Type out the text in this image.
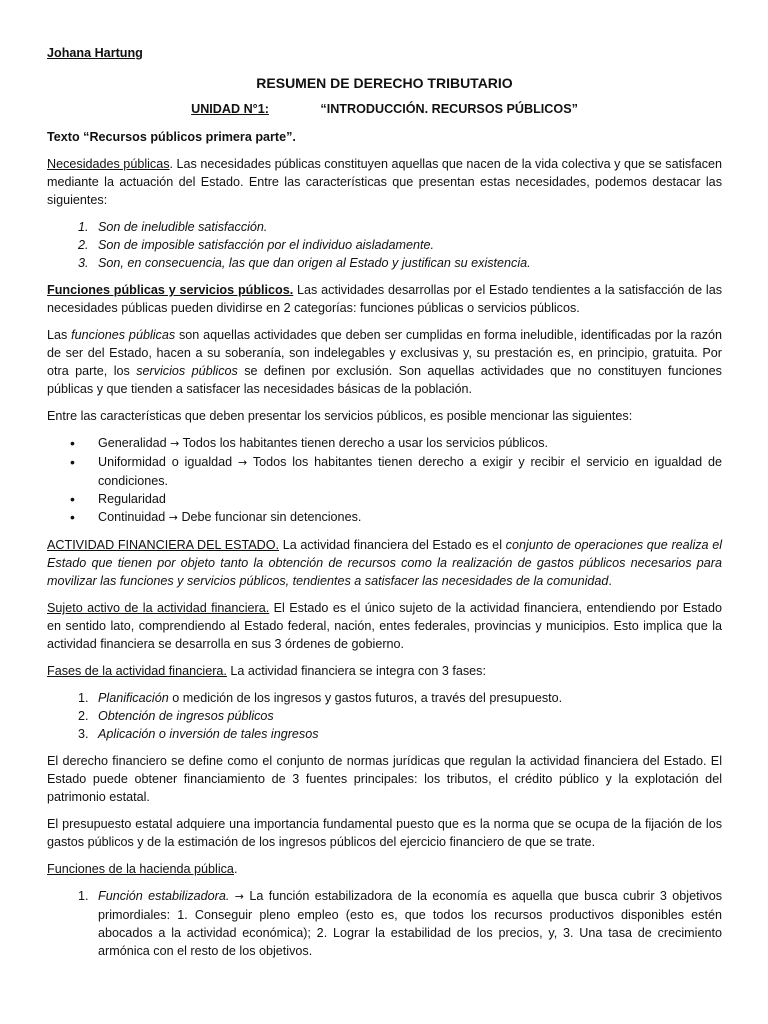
Johana Hartung
RESUMEN DE DERECHO TRIBUTARIO
UNIDAD N°1:	“INTRODUCCIÓN. RECURSOS PÚBLICOS”

Texto “Recursos públicos primera parte”.

Necesidades públicas. Las necesidades públicas constituyen aquellas que nacen de la vida colectiva y que se satisfacen mediante la actuación del Estado. Entre las características que presentan estas necesidades, podemos destacar las siguientes:

1. Son de ineludible satisfacción.
2. Son de imposible satisfacción por el individuo aisladamente.
3. Son, en consecuencia, las que dan origen al Estado y justifican su existencia.

Funciones públicas y servicios públicos. Las actividades desarrollas por el Estado tendientes a la satisfacción de las necesidades públicas pueden dividirse en 2 categorías: funciones públicas o servicios públicos.

Las funciones públicas son aquellas actividades que deben ser cumplidas en forma ineludible, identificadas por la razón de ser del Estado, hacen a su soberanía, son indelegables y exclusivas y, su prestación es, en principio, gratuita. Por otra parte, los servicios públicos se definen por exclusión. Son aquellas actividades que no constituyen funciones públicas y que tienden a satisfacer las necesidades básicas de la población.

Entre las características que deben presentar los servicios públicos, es posible mencionar las siguientes:

• Generalidad → Todos los habitantes tienen derecho a usar los servicios públicos.
• Uniformidad o igualdad → Todos los habitantes tienen derecho a exigir y recibir el servicio en igualdad de condiciones.
• Regularidad
• Continuidad → Debe funcionar sin detenciones.

ACTIVIDAD FINANCIERA DEL ESTADO. La actividad financiera del Estado es el conjunto de operaciones que realiza el Estado que tienen por objeto tanto la obtención de recursos como la realización de gastos públicos necesarios para movilizar las funciones y servicios públicos, tendientes a satisfacer las necesidades de la comunidad.

Sujeto activo de la actividad financiera. El Estado es el único sujeto de la actividad financiera, entendiendo por Estado en sentido lato, comprendiendo al Estado federal, nación, entes federales, provincias y municipios. Esto implica que la actividad financiera se desarrolla en sus 3 órdenes de gobierno.

Fases de la actividad financiera. La actividad financiera se integra con 3 fases:

1. Planificación o medición de los ingresos y gastos futuros, a través del presupuesto.
2. Obtención de ingresos públicos
3. Aplicación o inversión de tales ingresos

El derecho financiero se define como el conjunto de normas jurídicas que regulan la actividad financiera del Estado. El Estado puede obtener financiamiento de 3 fuentes principales: los tributos, el crédito público y la explotación del patrimonio estatal.

El presupuesto estatal adquiere una importancia fundamental puesto que es la norma que se ocupa de la fijación de los gastos públicos y de la estimación de los ingresos públicos del ejercicio financiero de que se trate.

Funciones de la hacienda pública.

1. Función estabilizadora. → La función estabilizadora de la economía es aquella que busca cubrir 3 objetivos primordiales: 1. Conseguir pleno empleo (esto es, que todos los recursos productivos disponibles estén abocados a la actividad económica); 2. Lograr la estabilidad de los precios, y, 3. Una tasa de crecimiento armónica con el resto de los objetivos.
